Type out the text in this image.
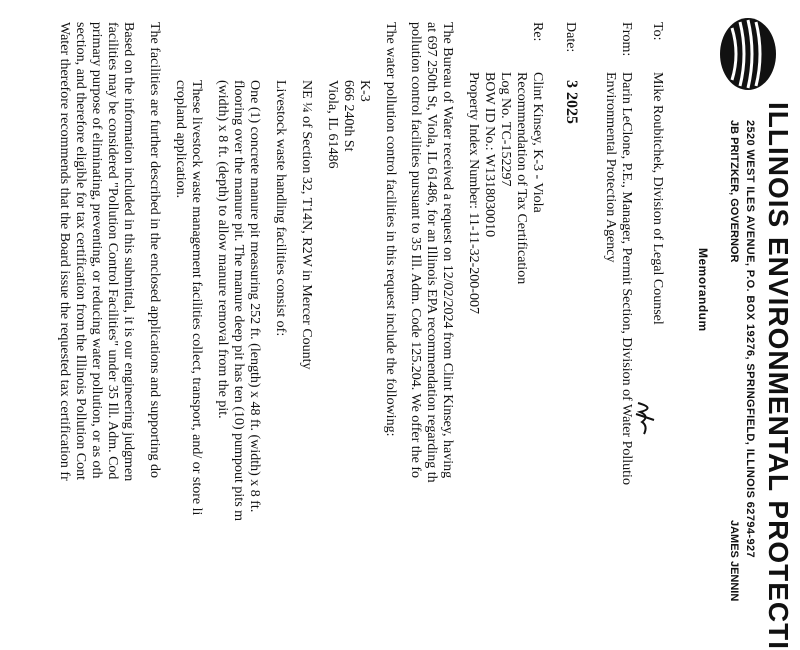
ILLINOIS ENVIRONMENTAL PROTECTI
2520 WEST ILES AVENUE, P.O. BOX 19276, SPRINGFIELD, ILLINOIS 62794-927
JB PRITZKER, GOVERNOR
JAMES JENNIN
Memorandum
To:
Mike Roubitchek, Division of Legal Counsel
From:
Darin LeClone, P.E., Manager, Permit Section, Division of Water Pollutio
Environmental Protection Agency
Date:
3 2025
Re:
Clint Kinsey, K-3 - Viola
Recommendation of Tax Certification
Log No. TC-152297
BOW ID No.: W1318030010
Property Index Number: 11-11-32-200-007
The Bureau of Water received a request on 12/02/2024 from Clint Kinsey, having
at 697 250th St, Viola, IL 61486, for an Illinois EPA recommendation regarding th
pollution control facilities pursuant to 35 Ill. Adm. Code 125.204. We offer the fo
The water pollution control facilities in this request include the following:
K-3
666 240th St
Viola, IL 61486
NE ¼ of Section 32, T14N, R2W in Mercer County
Livestock waste handling facilities consist of:
One (1) concrete manure pit measuring 252 ft. (length) x 48 ft. (width) x 8 ft.
flooring over the manure pit. The manure deep pit has ten (10) pumpout pits m
(width) x 8 ft. (depth) to allow manure removal from the pit.
These livestock waste management facilities collect, transport, and/ or store li
cropland application.
The facilities are further described in the enclosed applications and supporting do
Based on the information included in this submittal, it is our engineering judgmen
facilities may be considered "Pollution Control Facilities" under 35 Ill. Adm. Cod
primary purpose of eliminating, preventing, or reducing water pollution, or as oth
section, and therefore eligible for tax certification from the Illinois Pollution Cont
Water therefore recommends that the Board issue the requested tax certification fr
